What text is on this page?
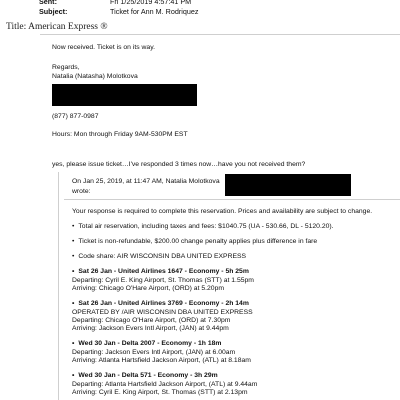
Sent:	Fri 1/25/2019 4:57:41 PM
Subject:	Ticket for Ann M. Rodriquez
Title: American Express ®
Now received. Ticket is on its way.
Regards,
Natalia (Natasha) Molotkova
(877) 877-0987
Hours: Mon through Friday 9AM-530PM EST
yes, please issue ticket…I've responded 3 times now…have you not received them?
On Jan 25, 2019, at 11:47 AM, Natalia Molotkova
wrote:
Your response is required to complete this reservation. Prices and availability are subject to change.
• Total air reservation, including taxes and fees: $1040.75 (UA - 530.66, DL - 5120.20).
• Ticket is non-refundable, $200.00 change penalty applies plus difference in fare
• Code share: AIR WISCONSIN DBA UNITED EXPRESS
• Sat 26 Jan - United Airlines 1647 - Economy - 5h 25m
Departing: Cyril E. King Airport, St. Thomas (STT) at 1.55pm
Arriving: Chicago O'Hare Airport, (ORD) at 5.20pm
• Sat 26 Jan - United Airlines 3769 - Economy - 2h 14m
OPERATED BY /AIR WISCONSIN DBA UNITED EXPRESS
Departing: Chicago O'Hare Airport, (ORD) at 7.30pm
Arriving: Jackson Evers Intl Airport, (JAN) at 9.44pm
• Wed 30 Jan - Delta 2007 - Economy - 1h 18m
Departing: Jackson Evers Intl Airport, (JAN) at 6.00am
Arriving: Atlanta Hartsfield Jackson Airport, (ATL) at 8.18am
• Wed 30 Jan - Delta 571 - Economy - 3h 29m
Departing: Atlanta Hartsfield Jackson Airport, (ATL) at 9.44am
Arriving: Cyril E. King Airport, St. Thomas (STT) at 2.13pm
